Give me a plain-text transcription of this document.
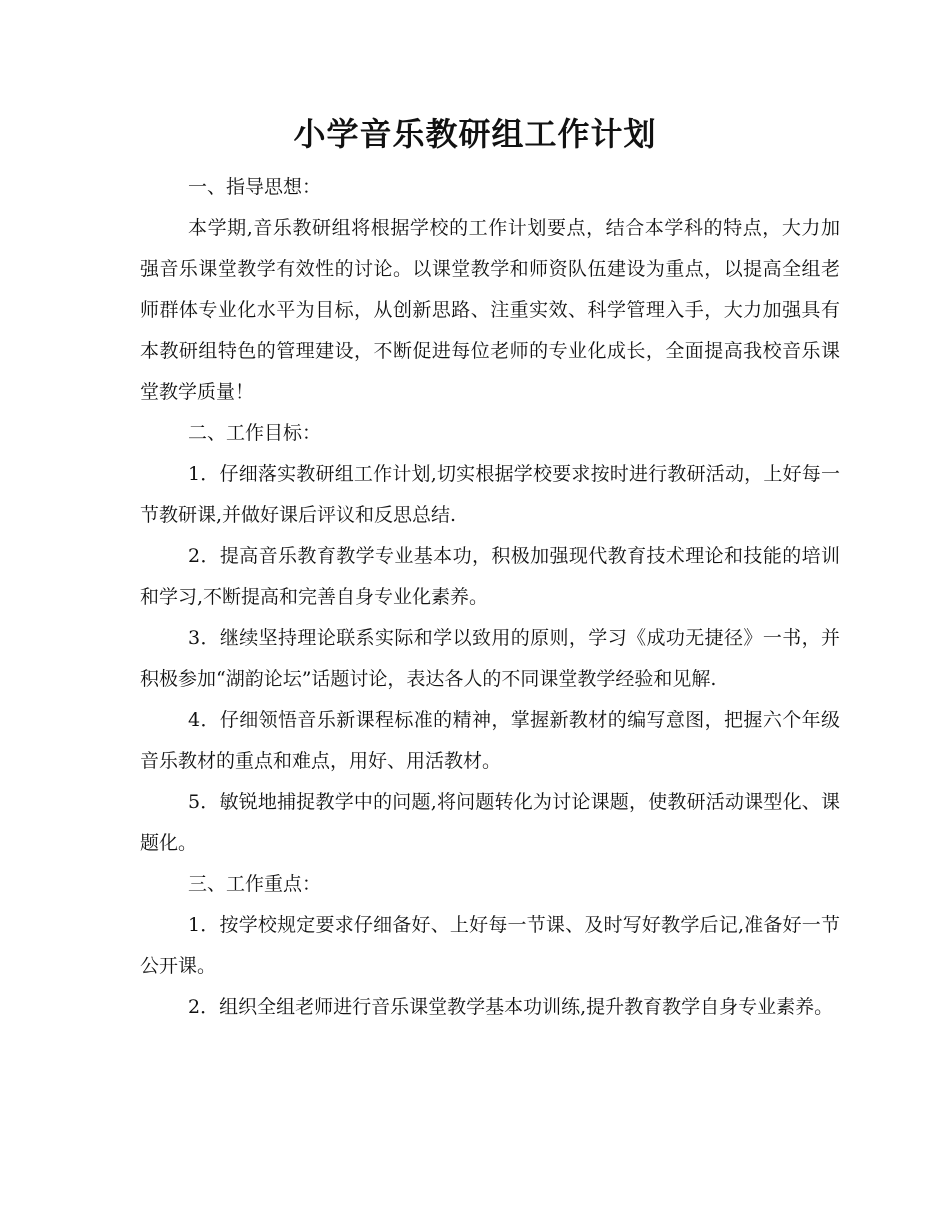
小学音乐教研组工作计划
一、指导思想：

本学期,音乐教研组将根据学校的工作计划要点，结合本学科的特点，大力加强音乐课堂教学有效性的讨论。以课堂教学和师资队伍建设为重点，以提高全组老师群体专业化水平为目标，从创新思路、注重实效、科学管理入手，大力加强具有本教研组特色的管理建设，不断促进每位老师的专业化成长，全面提高我校音乐课堂教学质量！

二、工作目标：

1．仔细落实教研组工作计划,切实根据学校要求按时进行教研活动，上好每一节教研课,并做好课后评议和反思总结.

2．提高音乐教育教学专业基本功，积极加强现代教育技术理论和技能的培训和学习,不断提高和完善自身专业化素养。

3．继续坚持理论联系实际和学以致用的原则，学习《成功无捷径》一书，并积极参加“湖韵论坛”话题讨论，表达各人的不同课堂教学经验和见解.

4．仔细领悟音乐新课程标准的精神，掌握新教材的编写意图，把握六个年级音乐教材的重点和难点，用好、用活教材。

5．敏锐地捕捉教学中的问题,将问题转化为讨论课题，使教研活动课型化、课题化。

三、工作重点：

1．按学校规定要求仔细备好、上好每一节课、及时写好教学后记,准备好一节公开课。

2．组织全组老师进行音乐课堂教学基本功训练,提升教育教学自身专业素养。
